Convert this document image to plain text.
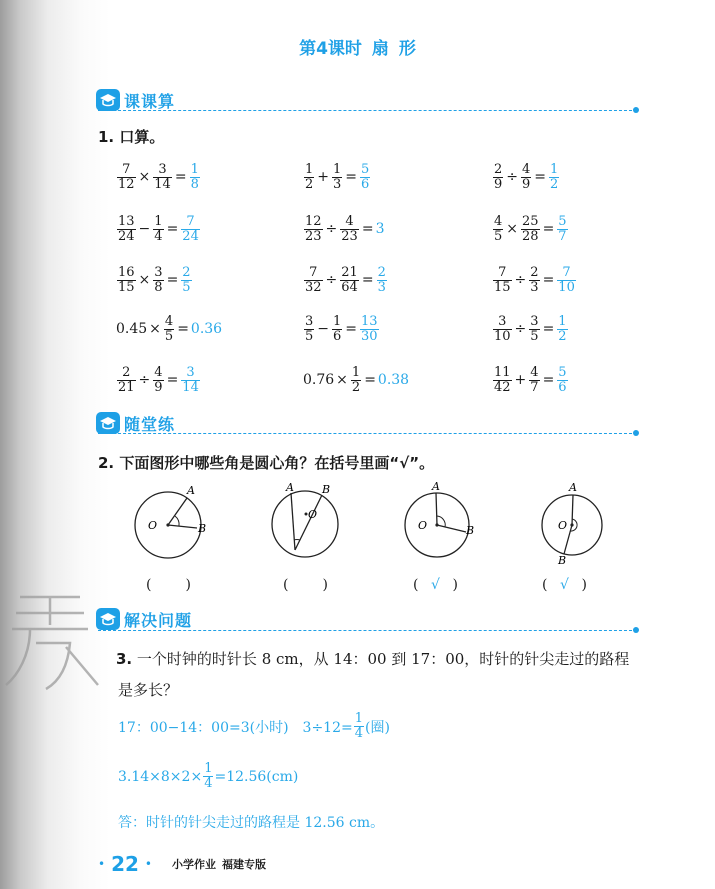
第4课时 扇 形
课课算
1. 口算。
$\frac{7}{12} \times \frac{3}{14} = \frac{1}{8}$	$\frac{1}{2} + \frac{1}{3} = \frac{5}{6}$	$\frac{2}{9} \div \frac{4}{9} = \frac{1}{2}$
$\frac{13}{24} - \frac{1}{4} = \frac{7}{24}$	$\frac{12}{23} \div \frac{4}{23} = 3$	$\frac{4}{5} \times \frac{25}{28} = \frac{5}{7}$
$\frac{16}{15} \times \frac{3}{8} = \frac{2}{5}$	$\frac{7}{32} \div \frac{21}{64} = \frac{2}{3}$	$\frac{7}{15} \div \frac{2}{3} = \frac{7}{10}$
$0.45 \times \frac{4}{5} = 0.36$	$\frac{3}{5} - \frac{1}{6} = \frac{13}{30}$	$\frac{3}{10} \div \frac{3}{5} = \frac{1}{2}$
$\frac{2}{21} \div \frac{4}{9} = \frac{3}{14}$	$0.76 \times \frac{1}{2} = 0.38$	$\frac{11}{42} + \frac{4}{7} = \frac{5}{6}$
随堂练
2. 下面图形中哪些角是圆心角？在括号里画“√”。
A
B
O
A	B
O
A
B
O
A
B
O
( )	( )	( √ )	( √ )
解决问题
3. 一个时钟的时针长 8 cm，从 14：00 到 17：00，时针的针尖走过的路程
是多长？
17：00−14：00=3(小时)　$3\div 12= \frac{1}{4}$ (圈)
$3.14\times 8\times 2\times \frac{1}{4} =12.56(cm)$
答：时针的针尖走过的路程是 12.56 cm。
• 22 • 小学作业 福建专版
